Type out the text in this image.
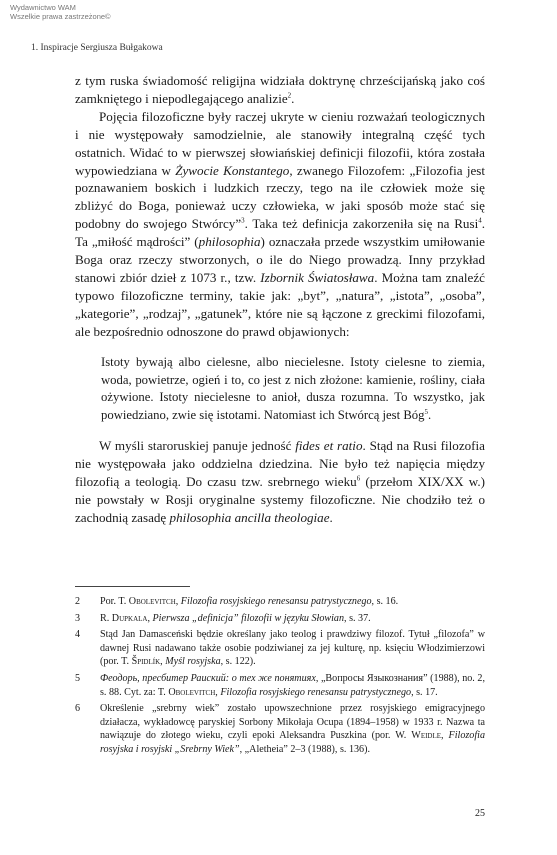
Wydawnictwo WAM
Wszelkie prawa zastrzeżone©
1. Inspiracje Sergiusza Bułgakowa

z tym ruska świadomość religijna widziała doktrynę chrześcijańską jako coś zamkniętego i niepodlegającego analizie$^2$.

Pojęcia filozoficzne były raczej ukryte w cieniu rozważań teologicznych i nie występowały samodzielnie, ale stanowiły integralną część tych ostatnich. Widać to w pierwszej słowiańskiej definicji filozofii, która została wypowiedziana w Żywocie Konstantego, zwanego Filozofem: „Filozofia jest poznawaniem boskich i ludzkich rzeczy, tego na ile człowiek może się zbliżyć do Boga, ponieważ uczy człowieka, w jaki sposób może stać się podobny do swojego Stwórcy”$^3$. Taka też definicja zakorzeniła się na Rusi$^4$. Ta „miłość mądrości” (philosophia) oznaczała przede wszystkim umiłowanie Boga oraz rzeczy stworzonych, o ile do Niego prowadzą. Inny przykład stanowi zbiór dzieł z 1073 r., tzw. Izbornik Światosława. Można tam znaleźć typowo filozoficzne terminy, takie jak: „byt”, „natura”, „istota”, „osoba”, „kategorie”, „rodzaj”, „gatunek”, które nie są łączone z greckimi filozofami, ale bezpośrednio odnoszone do prawd objawionych:

Istoty bywają albo cielesne, albo niecielesne. Istoty cielesne to ziemia, woda, powietrze, ogień i to, co jest z nich złożone: kamienie, rośliny, ciała ożywione. Istoty niecielesne to anioł, dusza rozumna. To wszystko, jak powiedziano, zwie się istotami. Natomiast ich Stwórcą jest Bóg$^5$.

W myśli staroruskiej panuje jedność fides et ratio. Stąd na Rusi filozofia nie występowała jako oddzielna dziedzina. Nie było też napięcia między filozofią a teologią. Do czasu tzw. srebrnego wieku$^6$ (przełom XIX/XX w.) nie powstały w Rosji oryginalne systemy filozoficzne. Nie chodziło też o zachodnią zasadę philosophia ancilla theologiae.

2	Por. T. Obolevitch, Filozofia rosyjskiego renesansu patrystycznego, s. 16.
3	R. Dupkala, Pierwsza „definicja” filozofii w języku Słowian, s. 37.
4	Stąd Jan Damasceński będzie określany jako teolog i prawdziwy filozof. Tytuł „filozofa” w dawnej Rusi nadawano także osobie podziwianej za jej kulturę, np. księciu Włodzimierzowi (por. T. Špidlík, Myśl rosyjska, s. 122).
5	Феодорь, пресбитер Раиский: о тех же понятиях, „Вопросы Языкознания” (1988), no. 2, s. 88. Cyt. za: T. Obolevitch, Filozofia rosyjskiego renesansu patrystycznego, s. 17.
6	Określenie „srebrny wiek” zostało upowszechnione przez rosyjskiego emigracyjnego działacza, wykładowcę paryskiej Sorbony Mikołaja Ocupa (1894–1958) w 1933 r. Nazwa ta nawiązuje do złotego wieku, czyli epoki Aleksandra Puszkina (por. W. Weidle, Filozofia rosyjska i rosyjski „Srebrny Wiek”, „Aletheia” 2–3 (1988), s. 136).
25
